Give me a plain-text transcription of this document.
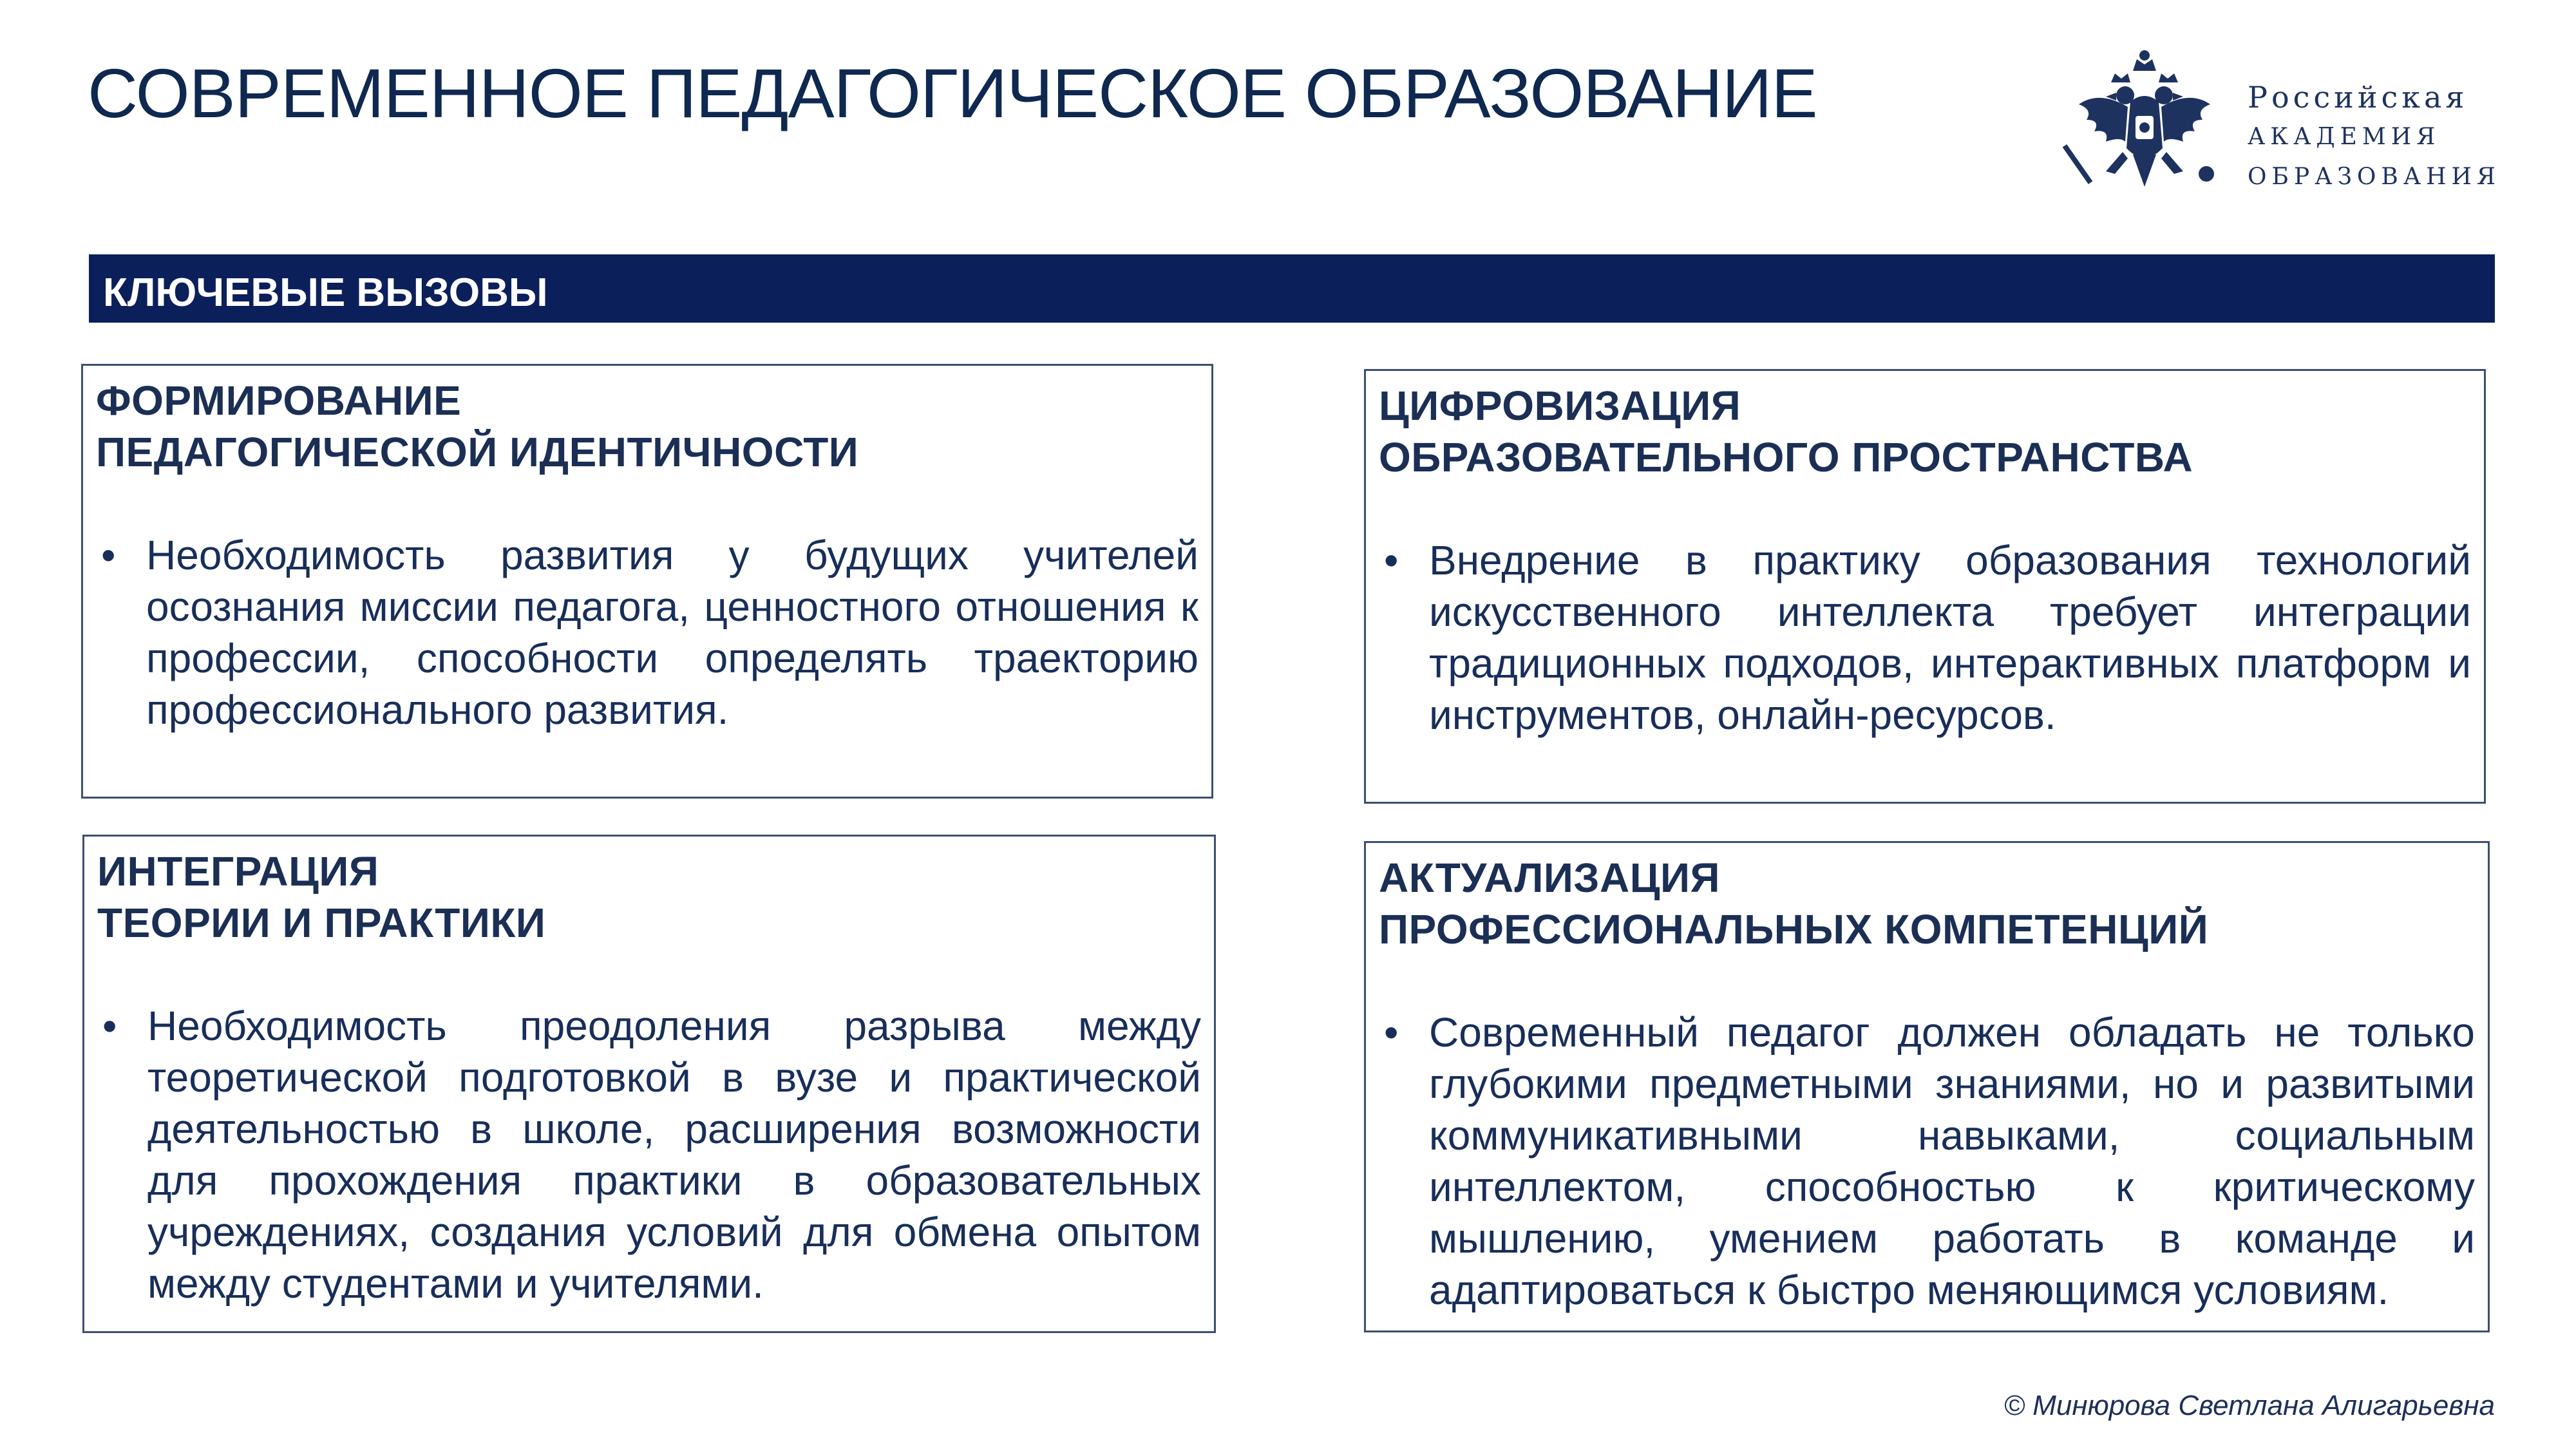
СОВРЕМЕННОЕ ПЕДАГОГИЧЕСКОЕ ОБРАЗОВАНИЕ	Российская
АКАДЕМИЯ
ОБРАЗОВАНИЯ
КЛЮЧЕВЫЕ ВЫЗОВЫ
ФОРМИРОВАНИЕ
ПЕДАГОГИЧЕСКОЙ ИДЕНТИЧНОСТИ
• Необходимость развития у будущих учителей осознания миссии педагога, ценностного отношения к профессии, способности определять траекторию профессионального развития.
ЦИФРОВИЗАЦИЯ
ОБРАЗОВАТЕЛЬНОГО ПРОСТРАНСТВА
• Внедрение в практику образования технологий искусственного интеллекта требует интеграции традиционных подходов, интерактивных платформ и инструментов, онлайн-ресурсов.
ИНТЕГРАЦИЯ
ТЕОРИИ И ПРАКТИКИ
• Необходимость преодоления разрыва между теоретической подготовкой в вузе и практической деятельностью в школе, расширения возможности для прохождения практики в образовательных учреждениях, создания условий для обмена опытом между студентами и учителями.
АКТУАЛИЗАЦИЯ
ПРОФЕССИОНАЛЬНЫХ КОМПЕТЕНЦИЙ
• Современный педагог должен обладать не только глубокими предметными знаниями, но и развитыми коммуникативными навыками, социальным интеллектом, способностью к критическому мышлению, умением работать в команде и адаптироваться к быстро меняющимся условиям.
© Минюрова Светлана Алигарьевна
